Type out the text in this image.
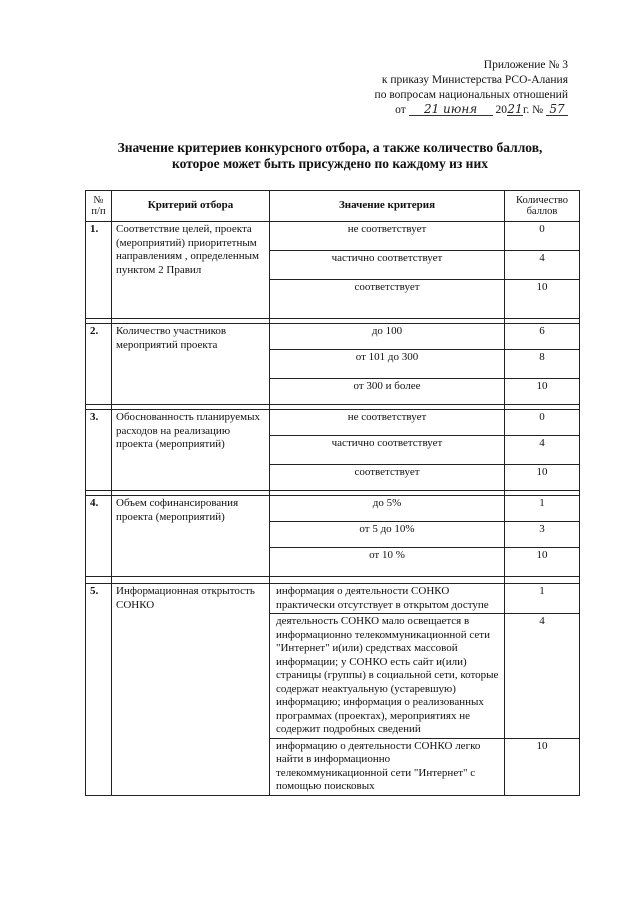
Приложение № 3
к приказу Министерства РСО-Алания
по вопросам национальных отношений
от 21 июня 2021г. № 57
Значение критериев конкурсного отбора, а также количество баллов,
которое может быть присуждено по каждому из них
№ п/п	Критерий отбора	Значение критерия	Количество баллов
1.	Соответствие целей, проекта (мероприятий) приоритетным направлениям , определенным пунктом 2 Правил	не соответствует	0
		частично соответствует	4
		соответствует	10

2.	Количество участников мероприятий проекта	до 100	6
		от 101 до 300	8
		от 300 и более	10

3.	Обоснованность планируемых расходов на реализацию проекта (мероприятий)	не соответствует	0
		частично соответствует	4
		соответствует	10

4.	Объем софинансирования проекта (мероприятий)	до 5%	1
		от 5 до 10%	3
		от 10 %	10

5.	Информационная открытость СОНКО	информация о деятельности СОНКО практически отсутствует в открытом доступе	1
		деятельность СОНКО мало освещается в информационно телекоммуникационной сети "Интернет" и(или) средствах массовой информации; у СОНКО есть сайт и(или) страницы (группы) в социальной сети, которые содержат неактуальную (устаревшую) информацию; информация о реализованных программах (проектах), мероприятиях не содержит подробных сведений	4
		информацию о деятельности СОНКО легко найти в информационно телекоммуникационной сети "Интернет" с помощью поисковых	10
